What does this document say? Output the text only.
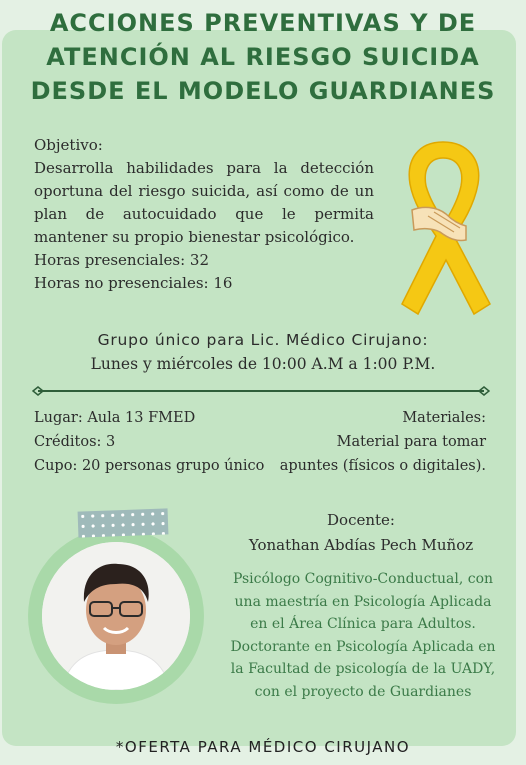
ACCIONES PREVENTIVAS Y DE
ATENCIÓN AL RIESGO SUICIDA
DESDE EL MODELO GUARDIANES
Objetivo:
Desarrolla habilidades para la detección oportuna del riesgo suicida, así como de un plan de autocuidado que le permita mantener su propio bienestar psicológico.
Horas presenciales: 32
Horas no presenciales: 16
Grupo único para Lic. Médico Cirujano:
Lunes y miércoles de 10:00 A.M a 1:00 P.M.
Lugar: Aula 13 FMED
Créditos: 3
Cupo: 20 personas grupo único
Materiales:
Material para tomar
apuntes (físicos o digitales).
Docente:
Yonathan Abdías Pech Muñoz
Psicólogo Cognitivo-Conductual, con
una maestría en Psicología Aplicada
en el Área Clínica para Adultos.
Doctorante en Psicología Aplicada en
la Facultad de psicología de la UADY,
con el proyecto de Guardianes
*OFERTA PARA MÉDICO CIRUJANO
